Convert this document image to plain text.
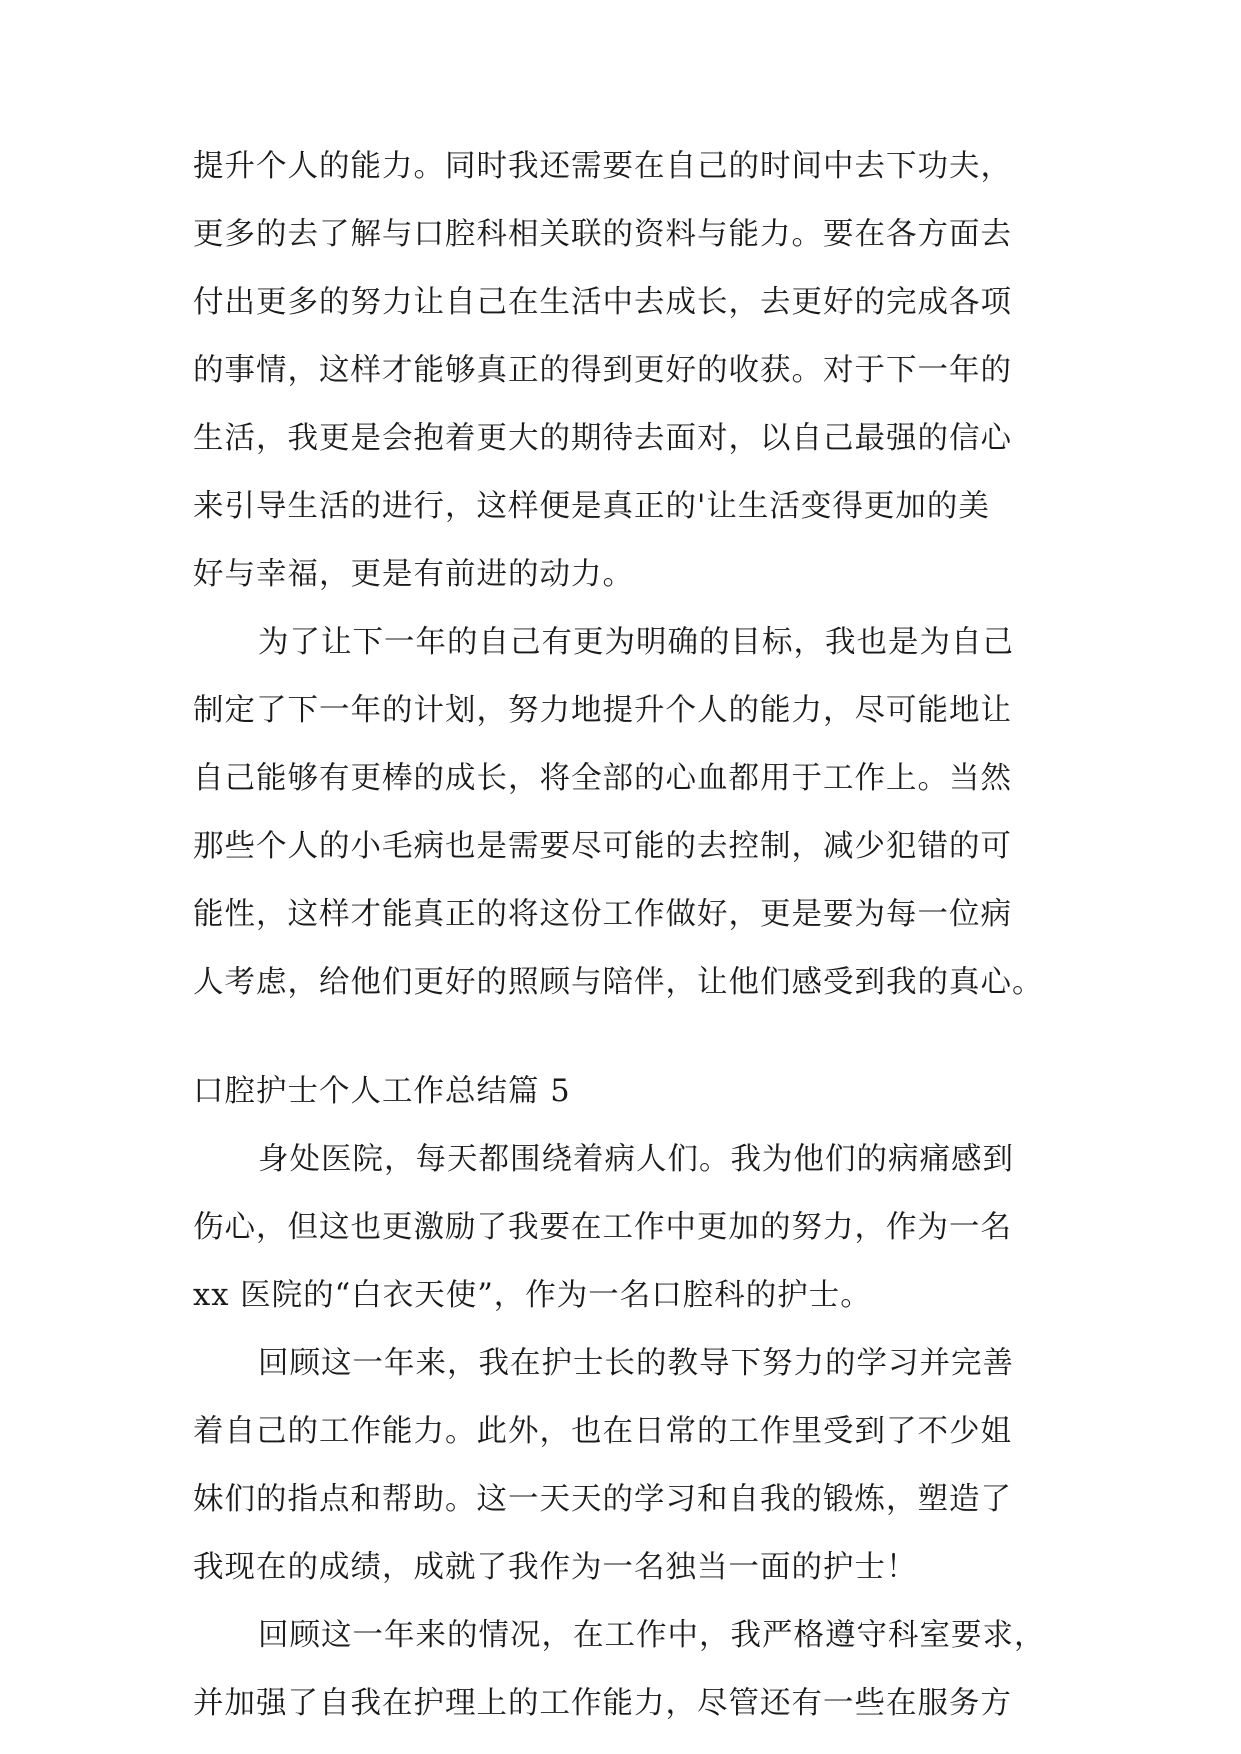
提升个人的能力。同时我还需要在自己的时间中去下功夫，
更多的去了解与口腔科相关联的资料与能力。要在各方面去
付出更多的努力让自己在生活中去成长，去更好的完成各项
的事情，这样才能够真正的得到更好的收获。对于下一年的
生活，我更是会抱着更大的期待去面对，以自己最强的信心
来引导生活的进行，这样便是真正的'让生活变得更加的美
好与幸福，更是有前进的动力。
为了让下一年的自己有更为明确的目标，我也是为自己
制定了下一年的计划，努力地提升个人的能力，尽可能地让
自己能够有更棒的成长，将全部的心血都用于工作上。当然
那些个人的小毛病也是需要尽可能的去控制，减少犯错的可
能性，这样才能真正的将这份工作做好，更是要为每一位病
人考虑，给他们更好的照顾与陪伴，让他们感受到我的真心。
口腔护士个人工作总结篇 5
身处医院，每天都围绕着病人们。我为他们的病痛感到
伤心，但这也更激励了我要在工作中更加的努力，作为一名
xx 医院的“白衣天使”，作为一名口腔科的护士。
回顾这一年来，我在护士长的教导下努力的学习并完善
着自己的工作能力。此外，也在日常的工作里受到了不少姐
妹们的指点和帮助。这一天天的学习和自我的锻炼，塑造了
我现在的成绩，成就了我作为一名独当一面的护士！
回顾这一年来的情况，在工作中，我严格遵守科室要求，
并加强了自我在护理上的工作能力，尽管还有一些在服务方
